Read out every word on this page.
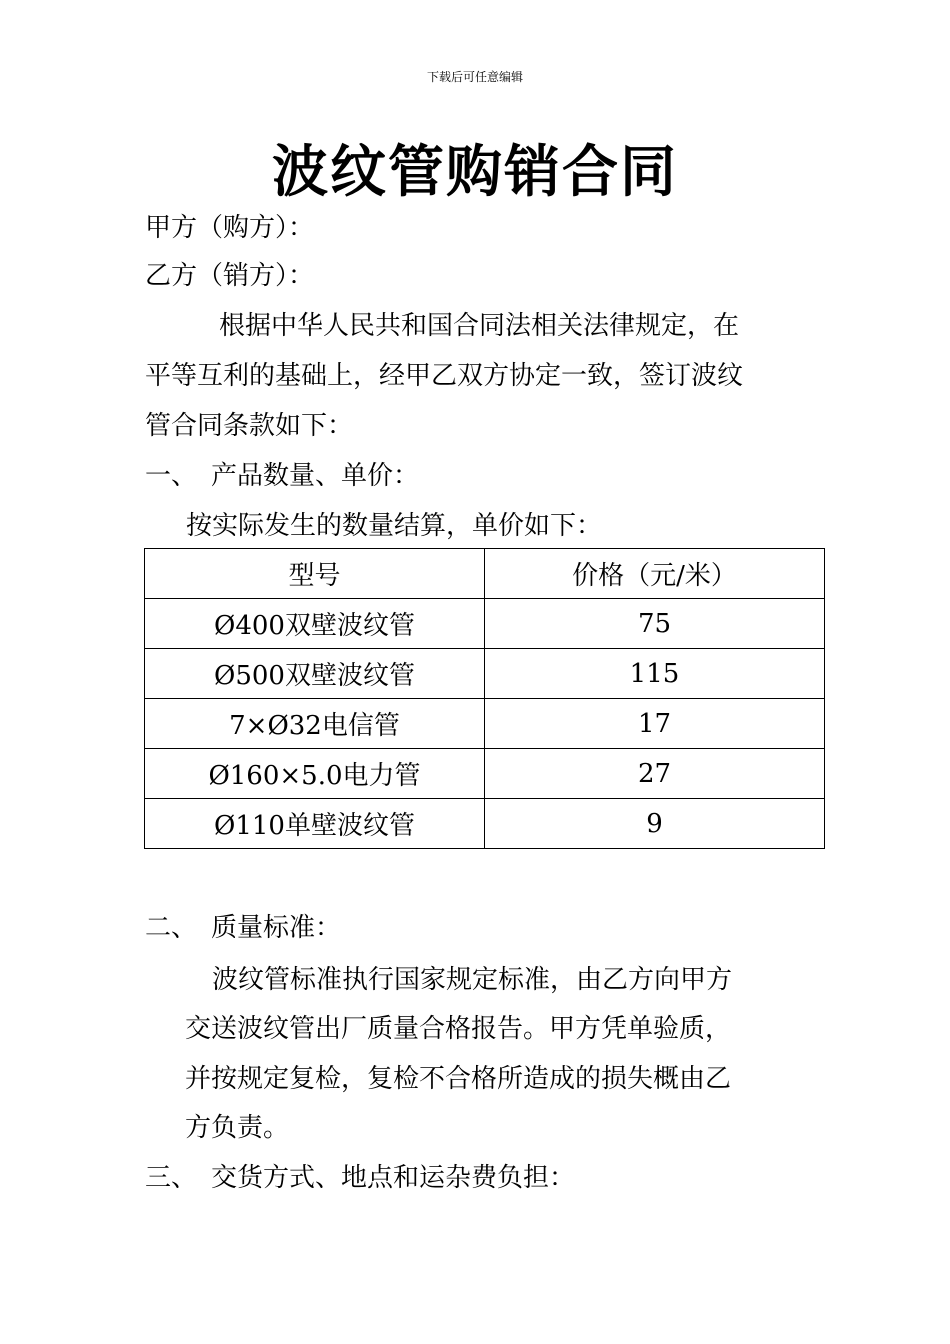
下载后可任意编辑
波纹管购销合同
甲方（购方）：
乙方（销方）：
根据中华人民共和国合同法相关法律规定，在
平等互利的基础上，经甲乙双方协定一致，签订波纹
管合同条款如下：
一、 产品数量、单价：
按实际发生的数量结算，单价如下：
型号	价格（元/米）
Ø400双壁波纹管	75
Ø500双壁波纹管	115
7×Ø32电信管	17
Ø160×5.0电力管	27
Ø110单壁波纹管	9
二、 质量标准：
波纹管标准执行国家规定标准，由乙方向甲方
交送波纹管出厂质量合格报告。甲方凭单验质，
并按规定复检，复检不合格所造成的损失概由乙
方负责。
三、 交货方式、地点和运杂费负担：
